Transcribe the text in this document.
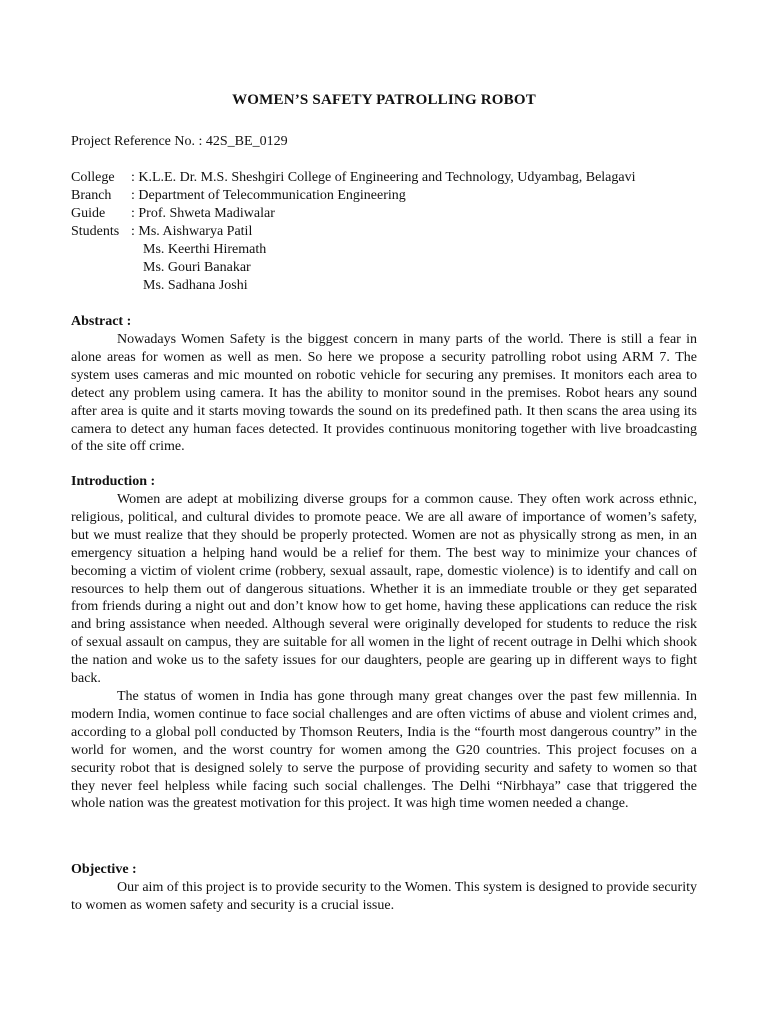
WOMEN’S SAFETY PATROLLING ROBOT
Project Reference No. : 42S_BE_0129
College	: K.L.E. Dr. M.S. Sheshgiri College of Engineering and Technology, Udyambag, Belagavi
Branch	: Department of Telecommunication Engineering
Guide	: Prof. Shweta Madiwalar
Students : Ms. Aishwarya Patil
Ms. Keerthi Hiremath
Ms. Gouri Banakar
Ms. Sadhana Joshi
Abstract :

Nowadays Women Safety is the biggest concern in many parts of the world. There is still a fear in alone areas for women as well as men. So here we propose a security patrolling robot using ARM 7. The system uses cameras and mic mounted on robotic vehicle for securing any premises. It monitors each area to detect any problem using camera. It has the ability to monitor sound in the premises. Robot hears any sound after area is quite and it starts moving towards the sound on its predefined path. It then scans the area using its camera to detect any human faces detected. It provides continuous monitoring together with live broadcasting of the site off crime.

Introduction :

Women are adept at mobilizing diverse groups for a common cause. They often work across ethnic, religious, political, and cultural divides to promote peace. We are all aware of importance of women’s safety, but we must realize that they should be properly protected. Women are not as physically strong as men, in an emergency situation a helping hand would be a relief for them. The best way to minimize your chances of becoming a victim of violent crime (robbery, sexual assault, rape, domestic violence) is to identify and call on resources to help them out of dangerous situations. Whether it is an immediate trouble or they get separated from friends during a night out and don’t know how to get home, having these applications can reduce the risk and bring assistance when needed. Although several were originally developed for students to reduce the risk of sexual assault on campus, they are suitable for all women in the light of recent outrage in Delhi which shook the nation and woke us to the safety issues for our daughters, people are gearing up in different ways to fight back.

The status of women in India has gone through many great changes over the past few millennia. In modern India, women continue to face social challenges and are often victims of abuse and violent crimes and, according to a global poll conducted by Thomson Reuters, India is the “fourth most dangerous country” in the world for women, and the worst country for women among the G20 countries. This project focuses on a security robot that is designed solely to serve the purpose of providing security and safety to women so that they never feel helpless while facing such social challenges. The Delhi “Nirbhaya” case that triggered the whole nation was the greatest motivation for this project. It was high time women needed a change.

Objective :

Our aim of this project is to provide security to the Women. This system is designed to provide security to women as women safety and security is a crucial issue.
